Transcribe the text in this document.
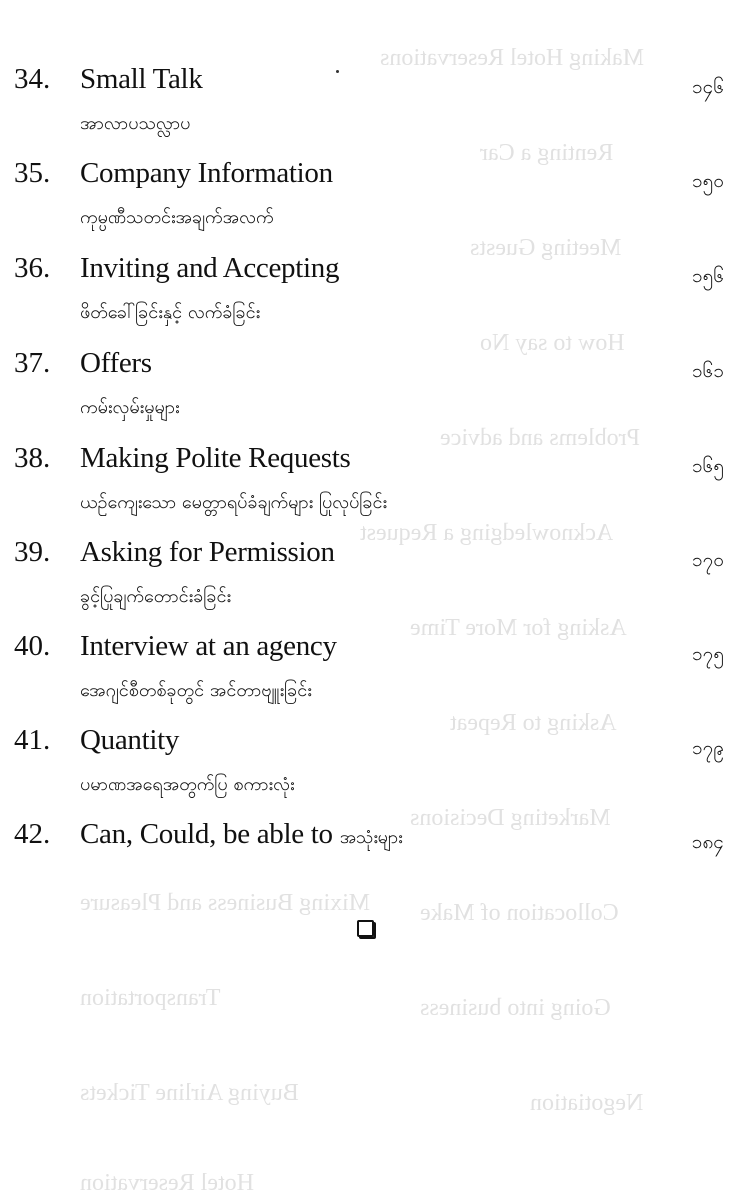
Making Hotel Reservations
Renting a Car
Meeting Guests
How to say No
Problems and advice
Acknowledging a Request
Asking for More Time
Asking to Repeat
Marketing Decisions
Collocation of Make
Going into business
Negotiation
Mixing Business and Pleasure
Transportation
Buying Airline Tickets
Hotel Reservation
34. Small Talk
အာလာပသလ္လာပ
၁၄၆
35. Company Information
ကုမ္ပဏီသတင်းအချက်အလက်
၁၅၀
36. Inviting and Accepting
ဖိတ်ခေါ်ခြင်းနှင့် လက်ခံခြင်း
၁၅၆
37. Offers
ကမ်းလှမ်းမှုများ
၁၆၁
38. Making Polite Requests
ယဉ်ကျေးသော မေတ္တာရပ်ခံချက်များ ပြုလုပ်ခြင်း
၁၆၅
39. Asking for Permission
ခွင့်ပြုချက်တောင်းခံခြင်း
၁၇၀
40. Interview at an agency
အေဂျင်စီတစ်ခုတွင် အင်တာဗျူးခြင်း
၁၇၅
41. Quantity
ပမာဏအရေအတွက်ပြ စကားလုံး
၁၇၉
42. Can, Could, be able to အသုံးများ	၁၈၄
